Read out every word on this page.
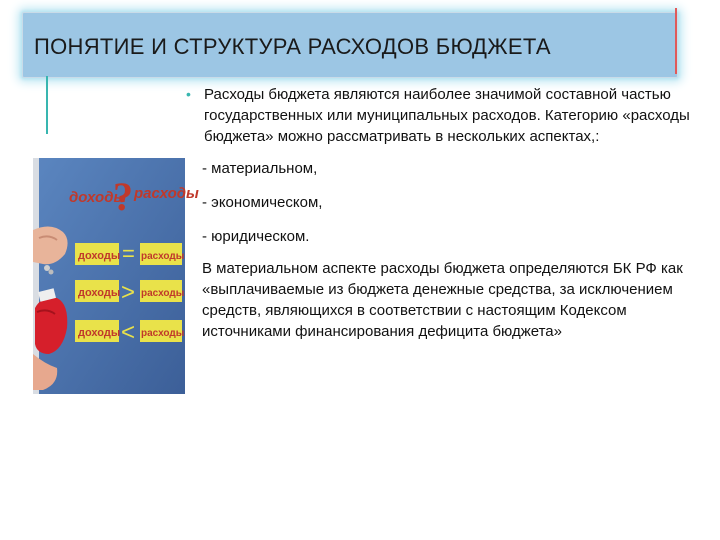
ПОНЯТИЕ И СТРУКТУРА РАСХОДОВ БЮДЖЕТА
доходы
? расходы
доходы = расходы
доходы > расходы
доходы < расходы
• Расходы бюджета являются наиболее значимой составной частью государственных или муниципальных расходов. Категорию «расходы бюджета» можно рассматривать в нескольких аспектах,:

- материальном,

- экономическом,

- юридическом.

В материальном аспекте расходы бюджета определяются БК РФ как «выплачиваемые из бюджета денежные средства, за исключением средств, являющихся в соответствии с настоящим Кодексом источниками финансирования дефицита бюджета»
